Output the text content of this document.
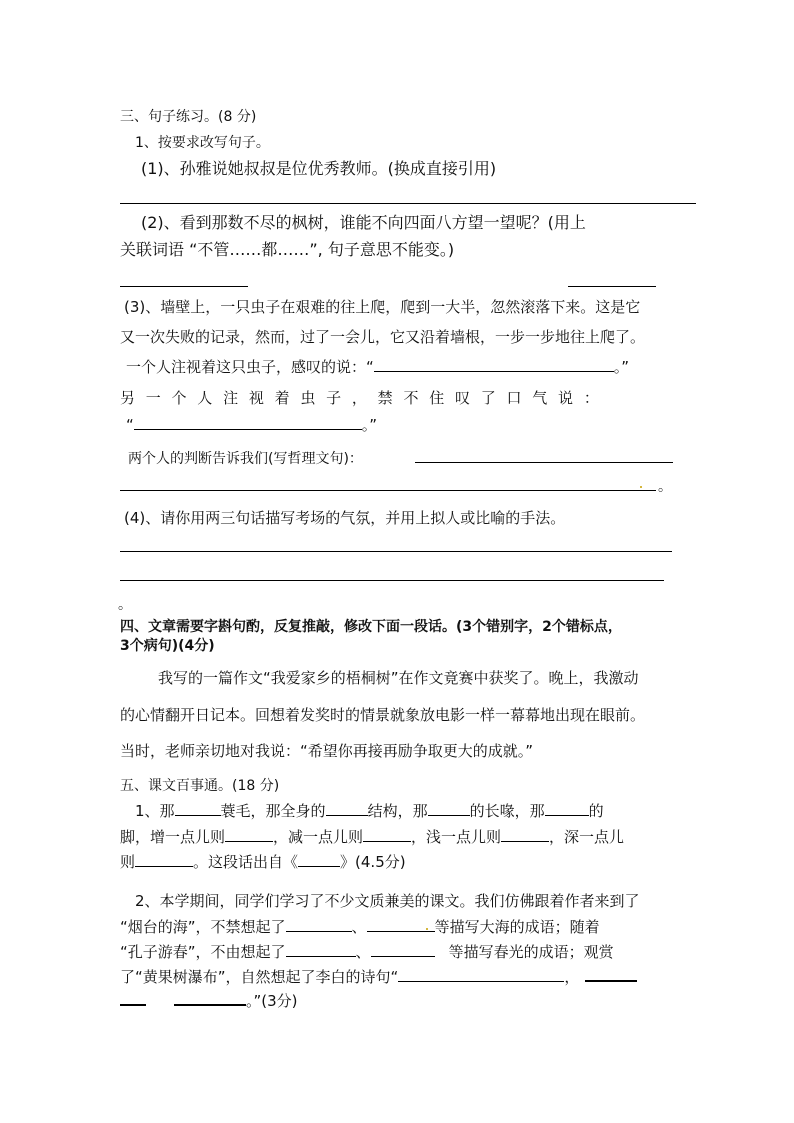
三、句子练习。(8 分)
1、按要求改写句子。
(1)、孙雅说她叔叔是位优秀教师。(换成直接引用)
(2)、看到那数不尽的枫树，谁能不向四面八方望一望呢？(用上
关联词语 “不管……都……”, 句子意思不能变。)
(3)、墙壁上，一只虫子在艰难的往上爬，爬到一大半，忽然滚落下来。这是它
又一次失败的记录，然而，过了一会儿，它又沿着墙根，一步一步地往上爬了。
一个人注视着这只虫子，感叹的说：“	。”
另 一 个 人 注 视 着 虫 子 ， 禁 不 住 叹 了 口 气 说 ：
“	。”
两个人的判断告诉我们(写哲理文句)：
。
(4)、请你用两三句话描写考场的气氛，并用上拟人或比喻的手法。
。
四、文章需要字斟句酌，反复推敲，修改下面一段话。(3个错别字，2个错标点，
3个病句)(4分)
我写的一篇作文“我爱家乡的梧桐树”在作文竟赛中获奖了。晚上，我激动
的心情翻开日记本。回想着发奖时的情景就象放电影一样一幕幕地出现在眼前。
当时，老师亲切地对我说：“希望你再接再励争取更大的成就。”
五、课文百事通。(18 分)
1、那	蓑毛，那全身的	结构，那	的长喙，那	的
脚，增一点儿则	，减一点儿则	，浅一点儿则	，深一点儿
则	。这段话出自《	》(4.5分)
2、本学期间，同学们学习了不少文质兼美的课文。我们仿佛跟着作者来到了
“烟台的海”，不禁想起了	、	等描写大海的成语；随着
“孔子游春”，不由想起了	、	等描写春光的成语；观赏
了“黄果树瀑布”，自然想起了李白的诗句“	，
。”(3分)
